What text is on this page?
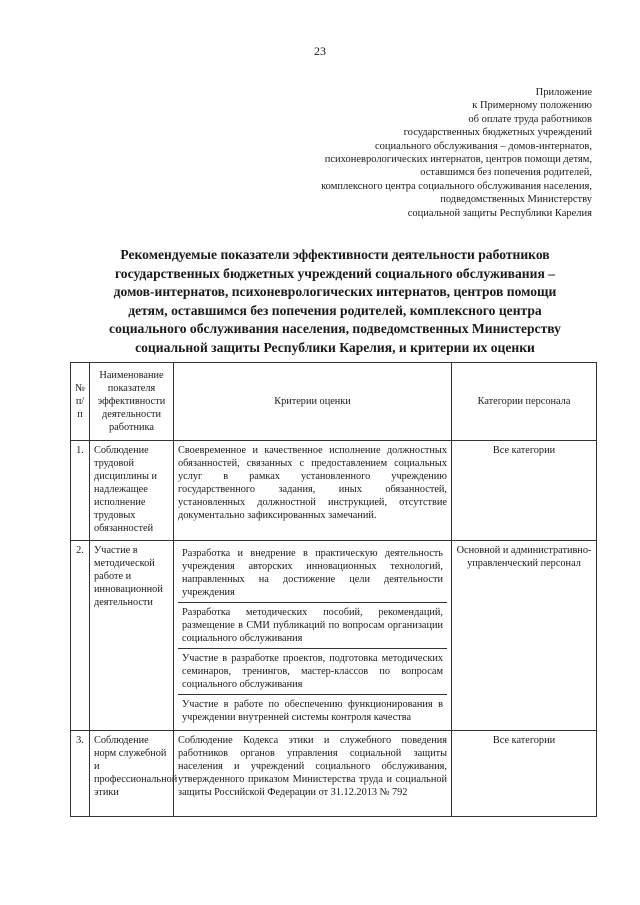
23
Приложение
к Примерному положению
об оплате труда работников
государственных бюджетных учреждений
социального обслуживания – домов-интернатов,
психоневрологических интернатов, центров помощи детям,
оставшимся без попечения родителей,
комплексного центра социального обслуживания населения,
подведомственных Министерству
социальной защиты Республики Карелия
Рекомендуемые показатели эффективности деятельности работников
государственных бюджетных учреждений социального обслуживания –
домов-интернатов, психоневрологических интернатов, центров помощи
детям, оставшимся без попечения родителей, комплексного центра
социального обслуживания населения, подведомственных Министерству
социальной защиты Республики Карелия, и критерии их оценки
№ п/п	Наименование показателя эффективности деятельности работника	Критерии оценки	Категории персонала
1.	Соблюдение трудовой дисциплины и надлежащее исполнение трудовых обязанностей	Своевременное и качественное исполнение должностных обязанностей, связанных с предоставлением социальных услуг в рамках установленного учреждению государственного задания, иных обязанностей, установленных должностной инструкцией, отсутствие документально зафиксированных замечаний.	Все категории
2.	Участие в методической работе и инновационной деятельности	Разработка и внедрение в практическую деятельность учреждения авторских инновационных технологий, направленных на достижение цели деятельности учреждения
Разработка методических пособий, рекомендаций, размещение в СМИ публикаций по вопросам организации социального обслуживания
Участие в разработке проектов, подготовка методических семинаров, тренингов, мастер-классов по вопросам социального обслуживания
Участие в работе по обеспечению функционирования в учреждении внутренней системы контроля качества	Основной и административно-управленческий персонал
3.	Соблюдение норм служебной и профессиональной этики	Соблюдение Кодекса этики и служебного поведения работников органов управления социальной защиты населения и учреждений социального обслуживания, утвержденного приказом Министерства труда и социальной защиты Российской Федерации от 31.12.2013 № 792	Все категории
